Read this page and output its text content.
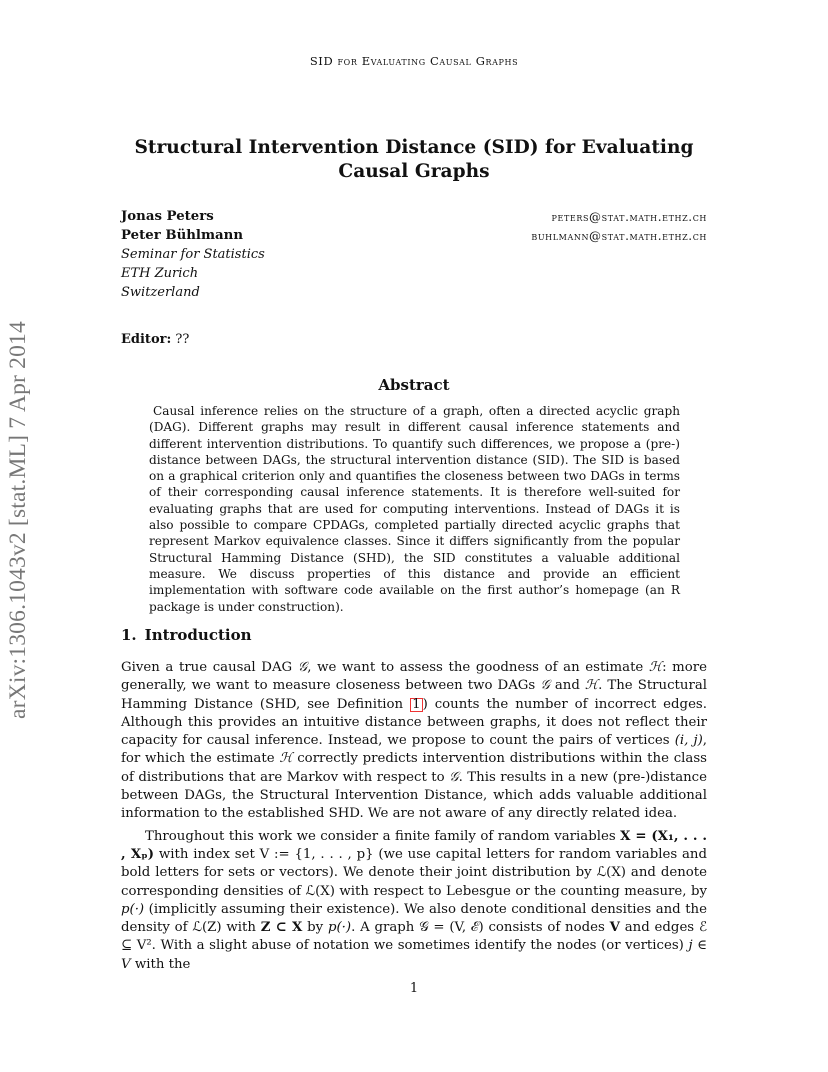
SID for Evaluating Causal Graphs
arXiv:1306.1043v2 [stat.ML] 7 Apr 2014
Structural Intervention Distance (SID) for Evaluating Causal Graphs
Jonas Peters	peters@stat.math.ethz.ch
Peter Bühlmann	buhlmann@stat.math.ethz.ch
Seminar for Statistics
ETH Zurich
Switzerland
Editor: ??
Abstract
Causal inference relies on the structure of a graph, often a directed acyclic graph (DAG). Different graphs may result in different causal inference statements and different intervention distributions. To quantify such differences, we propose a (pre-) distance between DAGs, the structural intervention distance (SID). The SID is based on a graphical criterion only and quantifies the closeness between two DAGs in terms of their corresponding causal inference statements. It is therefore well-suited for evaluating graphs that are used for computing interventions. Instead of DAGs it is also possible to compare CPDAGs, completed partially directed acyclic graphs that represent Markov equivalence classes. Since it differs significantly from the popular Structural Hamming Distance (SHD), the SID constitutes a valuable additional measure. We discuss properties of this distance and provide an efficient implementation with software code available on the first author’s homepage (an R package is under construction).
1. Introduction

Given a true causal DAG 𝒢, we want to assess the goodness of an estimate ℋ: more generally, we want to measure closeness between two DAGs 𝒢 and ℋ. The Structural Hamming Distance (SHD, see Definition 1 ) counts the number of incorrect edges. Although this provides an intuitive distance between graphs, it does not reflect their capacity for causal inference. Instead, we propose to count the pairs of vertices (i, j), for which the estimate ℋ correctly predicts intervention distributions within the class of distributions that are Markov with respect to 𝒢. This results in a new (pre-)distance between DAGs, the Structural Intervention Distance, which adds valuable additional information to the established SHD. We are not aware of any directly related idea.

Throughout this work we consider a finite family of random variables X = (X₁, . . . , Xₚ) with index set V := {1, . . . , p} (we use capital letters for random variables and bold letters for sets or vectors). We denote their joint distribution by ℒ(X) and denote corresponding densities of ℒ(X) with respect to Lebesgue or the counting measure, by p(·) (implicitly assuming their existence). We also denote conditional densities and the density of ℒ(Z) with Z ⊂ X by p(·). A graph 𝒢 = (V, ℰ) consists of nodes V and edges ℰ ⊆ V². With a slight abuse of notation we sometimes identify the nodes (or vertices) j ∈ V with the

1
